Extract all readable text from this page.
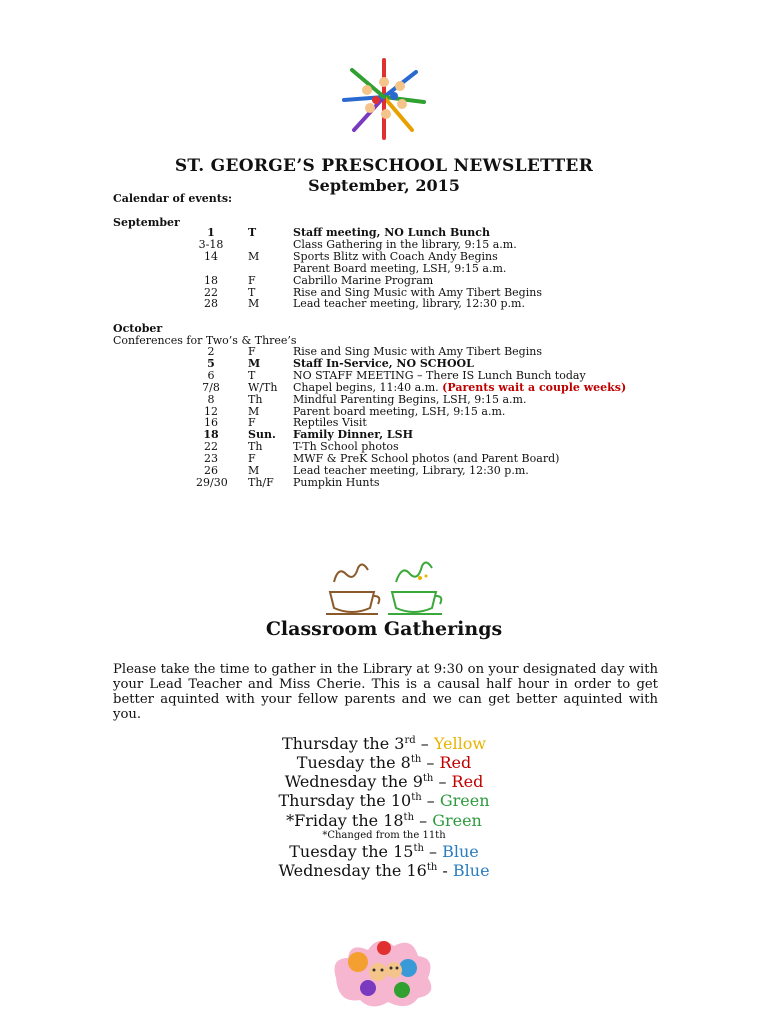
ST. GEORGE’S PRESCHOOL NEWSLETTER
September, 2015
Calendar of events:
September
1	T	Staff meeting, NO Lunch Bunch
3-18	Class Gathering in the library, 9:15 a.m.
14	M	Sports Blitz with Coach Andy Begins
Parent Board meeting, LSH, 9:15 a.m.
18	F	Cabrillo Marine Program
22	T	Rise and Sing Music with Amy Tibert Begins
28	M	Lead teacher meeting, library, 12:30 p.m.
October
Conferences for Two’s & Three’s
2	F	Rise and Sing Music with Amy Tibert Begins
5	M	Staff In-Service, NO SCHOOL
6	T	NO STAFF MEETING – There IS Lunch Bunch today
7/8	W/Th Chapel begins, 11:40 a.m. (Parents wait a couple weeks)
8	Th	Mindful Parenting Begins, LSH, 9:15 a.m.
12	M	Parent board meeting, LSH, 9:15 a.m.
16	F	Reptiles Visit
18	Sun. Family Dinner, LSH
22	Th	T-Th School photos
23	F	MWF & PreK School photos (and Parent Board)
26	M	Lead teacher meeting, Library, 12:30 p.m.
29/30 Th/F Pumpkin Hunts
Classroom Gatherings
Please take the time to gather in the Library at 9:30 on your designated day with your Lead Teacher and Miss Cherie. This is a causal half hour in order to get better aquinted with your fellow parents and we can get better aquinted with you.
Thursday the 3rd – Yellow
Tuesday the 8th – Red
Wednesday the 9th – Red
Thursday the 10th – Green
*Friday the 18th – Green
Tuesday the 15th – Blue
Wednesday the 16th - Blue
*Changed from the 11th
